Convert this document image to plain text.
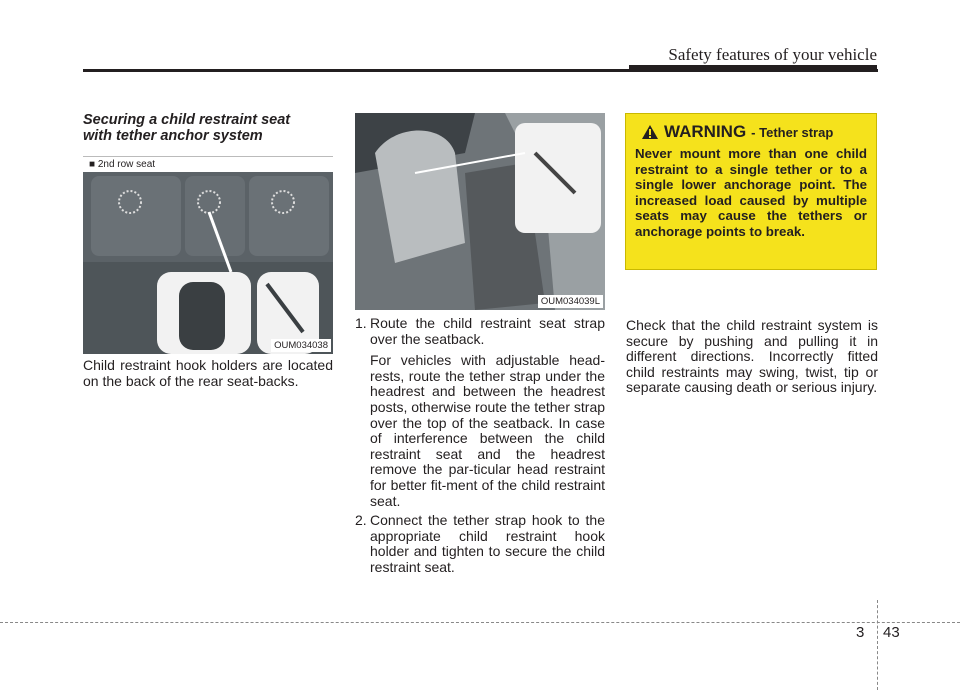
Safety features of your vehicle
Securing a child restraint seat
with tether anchor system
■ 2nd row seat
OUM034038
Child restraint hook holders are located on the back of the rear seat-backs.
OUM034039L
1. Route the child restraint seat strap over the seatback.
For vehicles with adjustable head-rests, route the tether strap under the headrest and between the headrest posts, otherwise route the tether strap over the top of the seatback. In case of interference between the child restraint seat and the headrest remove the par-ticular head restraint for better fit-ment of the child restraint seat.
2. Connect the tether strap hook to the appropriate child restraint hook holder and tighten to secure the child restraint seat.
WARNING - Tether strap
Never mount more than one child restraint to a single tether or to a single lower anchorage point. The increased load caused by multiple seats may cause the tethers or anchorage points to break.
Check that the child restraint system is secure by pushing and pulling it in different directions. Incorrectly fitted child restraints may swing, twist, tip or separate causing death or serious injury.
3 43
